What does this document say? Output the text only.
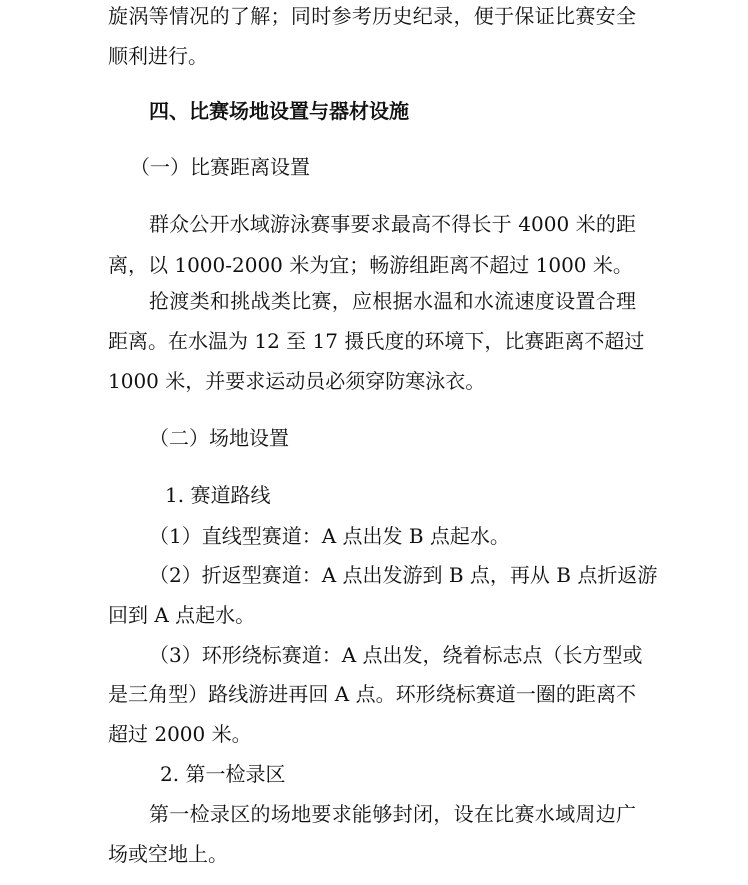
旋涡等情况的了解；同时参考历史纪录，便于保证比赛安全
顺利进行。
四、比赛场地设置与器材设施
（一）比赛距离设置
群众公开水域游泳赛事要求最高不得长于 4000 米的距
离，以 1000-2000 米为宜；畅游组距离不超过 1000 米。
抢渡类和挑战类比赛，应根据水温和水流速度设置合理
距离。在水温为 12 至 17 摄氏度的环境下，比赛距离不超过
1000 米，并要求运动员必须穿防寒泳衣。
（二）场地设置
1. 赛道路线
（1）直线型赛道：A 点出发 B 点起水。
（2）折返型赛道：A 点出发游到 B 点，再从 B 点折返游
回到 A 点起水。
（3）环形绕标赛道：A 点出发，绕着标志点（长方型或
是三角型）路线游进再回 A 点。环形绕标赛道一圈的距离不
超过 2000 米。
2. 第一检录区
第一检录区的场地要求能够封闭，设在比赛水域周边广
场或空地上。
